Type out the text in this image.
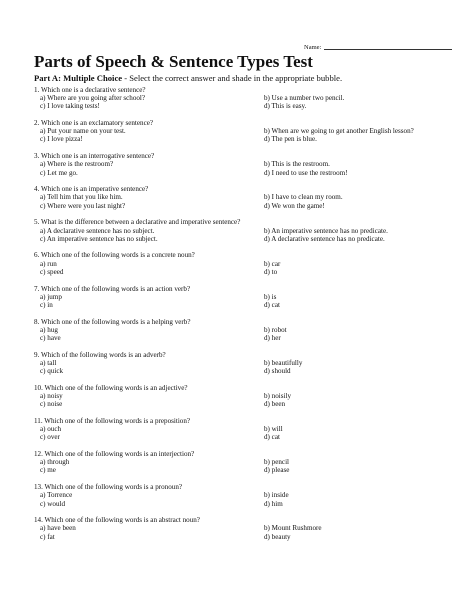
Name:
Parts of Speech & Sentence Types Test
Part A: Multiple Choice - Select the correct answer and shade in the appropriate bubble.
1. Which one is a declarative sentence?
a) Where are you going after school?	b) Use a number two pencil.
c) I love taking tests!	d) This is easy.
2. Which one is an exclamatory sentence?
a) Put your name on your test.	b) When are we going to get another English lesson?
c) I love pizza!	d) The pen is blue.
3. Which one is an interrogative sentence?
a) Where is the restroom?	b) This is the restroom.
c) Let me go.	d) I need to use the restroom!
4. Which one is an imperative sentence?
a) Tell him that you like him.	b) I have to clean my room.
c) Where were you last night?	d) We won the game!
5. What is the difference between a declarative and imperative sentence?
a) A declarative sentence has no subject.	b) An imperative sentence has no predicate.
c) An imperative sentence has no subject.	d) A declarative sentence has no predicate.
6. Which one of the following words is a concrete noun?
a) run	b) car
c) speed	d) to
7. Which one of the following words is an action verb?
a) jump	b) is
c) in	d) cat
8. Which one of the following words is a helping verb?
a) hug	b) robot
c) have	d) her
9. Which of the following words is an adverb?
a) tall	b) beautifully
c) quick	d) should
10. Which one of the following words is an adjective?
a) noisy	b) noisily
c) noise	d) been
11. Which one of the following words is a preposition?
a) ouch	b) will
c) over	d) cat
12. Which one of the following words is an interjection?
a) through	b) pencil
c) me	d) please
13. Which one of the following words is a pronoun?
a) Torrence	b) inside
c) would	d) him
14. Which one of the following words is an abstract noun?
a) have been	b) Mount Rushmore
c) fat	d) beauty
